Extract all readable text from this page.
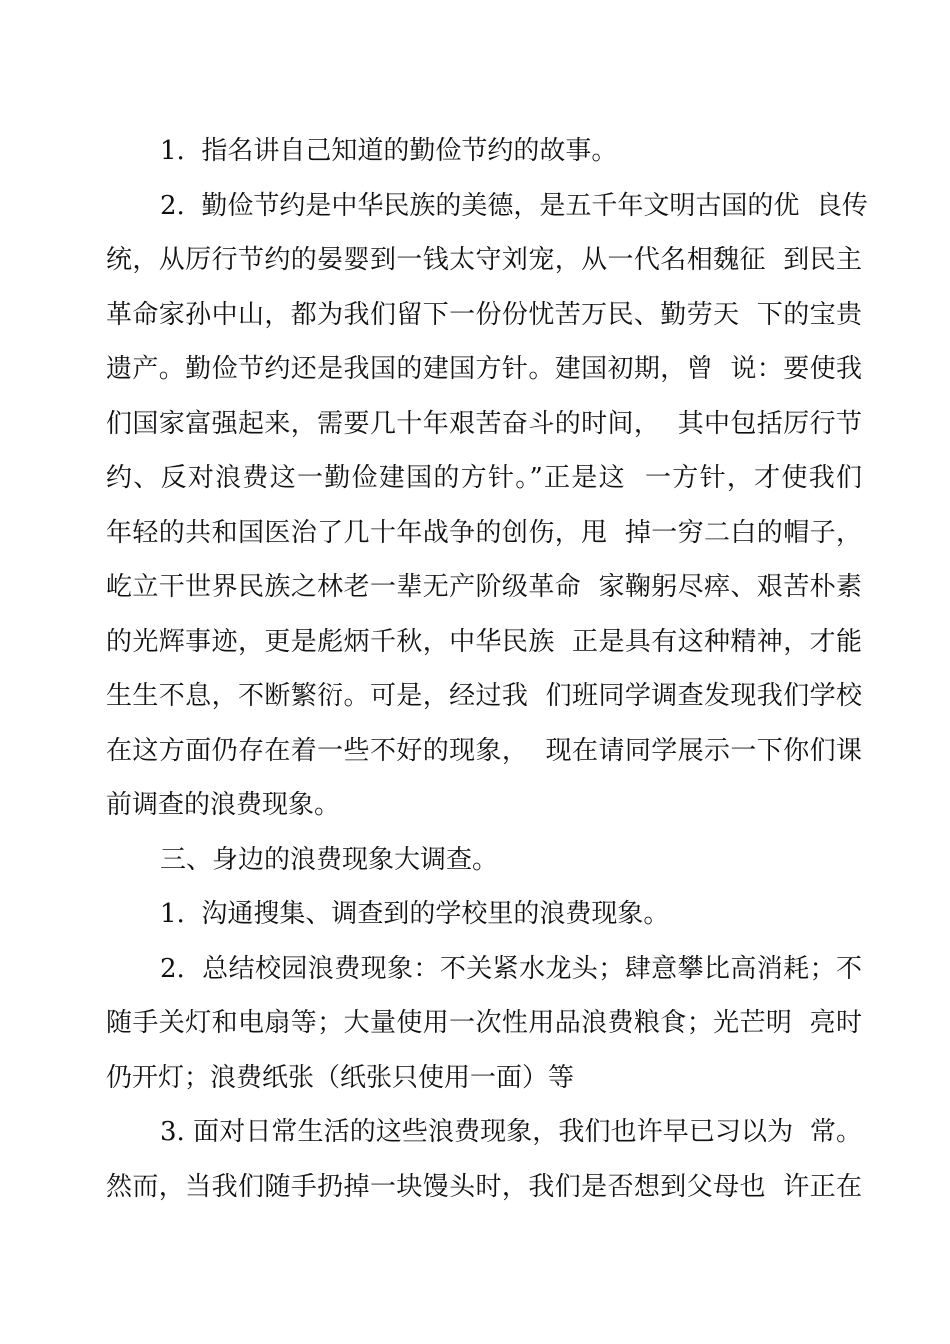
1.  指名讲自己知道的勤俭节约的故事。
2.  勤俭节约是中华民族的美德，是五千年文明古国的优  良传
统，从厉行节约的晏婴到一钱太守刘宠，从一代名相魏征  到民主
革命家孙中山，都为我们留下一份份忧苦万民、勤劳天  下的宝贵
遗产。勤俭节约还是我国的建国方针。建国初期，曾  说：要使我
们国家富强起来，需要几十年艰苦奋斗的时间，  其中包括厉行节
约、反对浪费这一勤俭建国的方针。”正是这  一方针，才使我们
年轻的共和国医治了几十年战争的创伤，甩  掉一穷二白的帽子，
屹立干世界民族之林老一辈无产阶级革命  家鞠躬尽瘁、艰苦朴素
的光辉事迹，更是彪炳千秋，中华民族  正是具有这种精神，才能
生生不息，不断繁衍。可是，经过我  们班同学调查发现我们学校
在这方面仍存在着一些不好的现象，  现在请同学展示一下你们课
前调查的浪费现象。
三、身边的浪费现象大调查。
1.  沟通搜集、调查到的学校里的浪费现象。
2.  总结校园浪费现象：不关紧水龙头；肆意攀比高消耗；不
随手关灯和电扇等；大量使用一次性用品浪费粮食；光芒明  亮时
仍开灯；浪费纸张（纸张只使用一面）等
3. 面对日常生活的这些浪费现象，我们也许早已习以为  常。
然而，当我们随手扔掉一块馒头时，我们是否想到父母也  许正在
